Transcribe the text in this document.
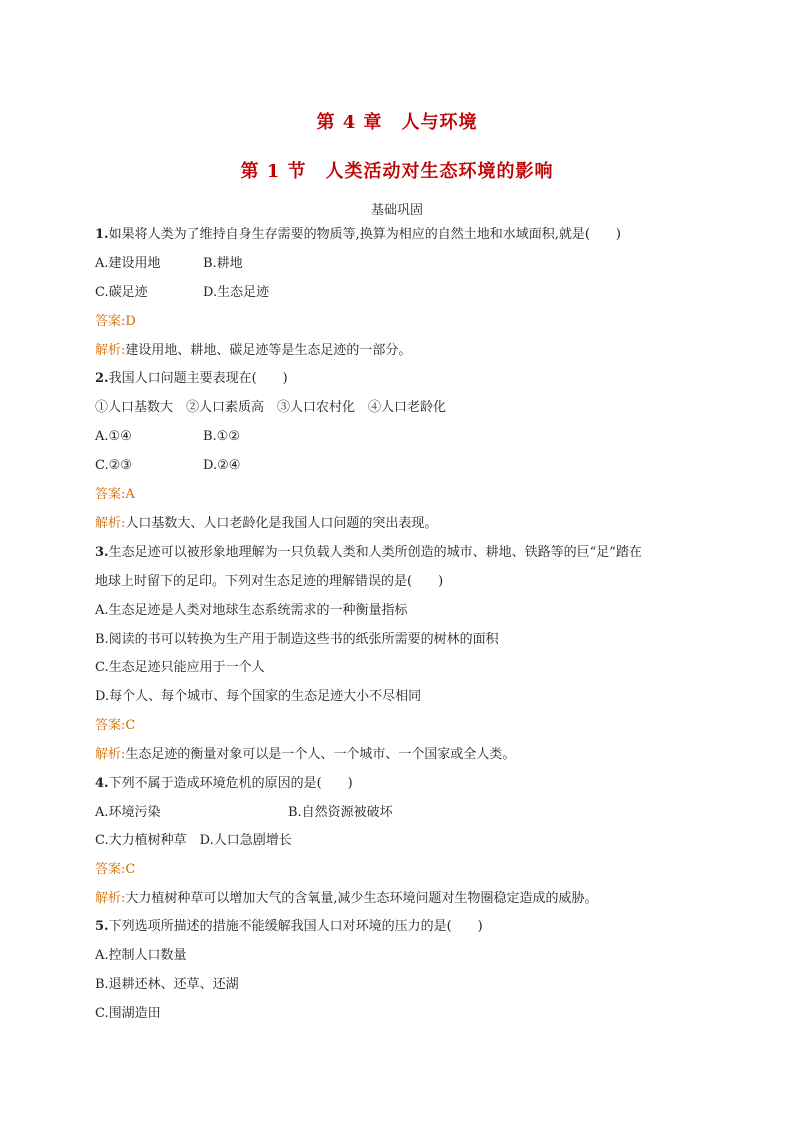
第 4 章　人与环境
第 1 节　人类活动对生态环境的影响
基础巩固
1.如果将人类为了维持自身生存需要的物质等,换算为相应的自然土地和水域面积,就是(　　)
A.建设用地	B.耕地
C.碳足迹	D.生态足迹
答案:D
解析:建设用地、耕地、碳足迹等是生态足迹的一部分。
2.我国人口问题主要表现在(　　)
①人口基数大　②人口素质高　③人口农村化　④人口老龄化
A.①④	B.①②
C.②③	D.②④
答案:A
解析:人口基数大、人口老龄化是我国人口问题的突出表现。
3.生态足迹可以被形象地理解为一只负载人类和人类所创造的城市、耕地、铁路等的巨“足”踏在
地球上时留下的足印。下列对生态足迹的理解错误的是(　　)
A.生态足迹是人类对地球生态系统需求的一种衡量指标
B.阅读的书可以转换为生产用于制造这些书的纸张所需要的树林的面积
C.生态足迹只能应用于一个人
D.每个人、每个城市、每个国家的生态足迹大小不尽相同
答案:C
解析:生态足迹的衡量对象可以是一个人、一个城市、一个国家或全人类。
4.下列不属于造成环境危机的原因的是(　　)
A.环境污染	B.自然资源被破坏
C.大力植树种草　D.人口急剧增长
答案:C
解析:大力植树种草可以增加大气的含氧量,减少生态环境问题对生物圈稳定造成的威胁。
5.下列选项所描述的措施不能缓解我国人口对环境的压力的是(　　)
A.控制人口数量
B.退耕还林、还草、还湖
C.围湖造田
